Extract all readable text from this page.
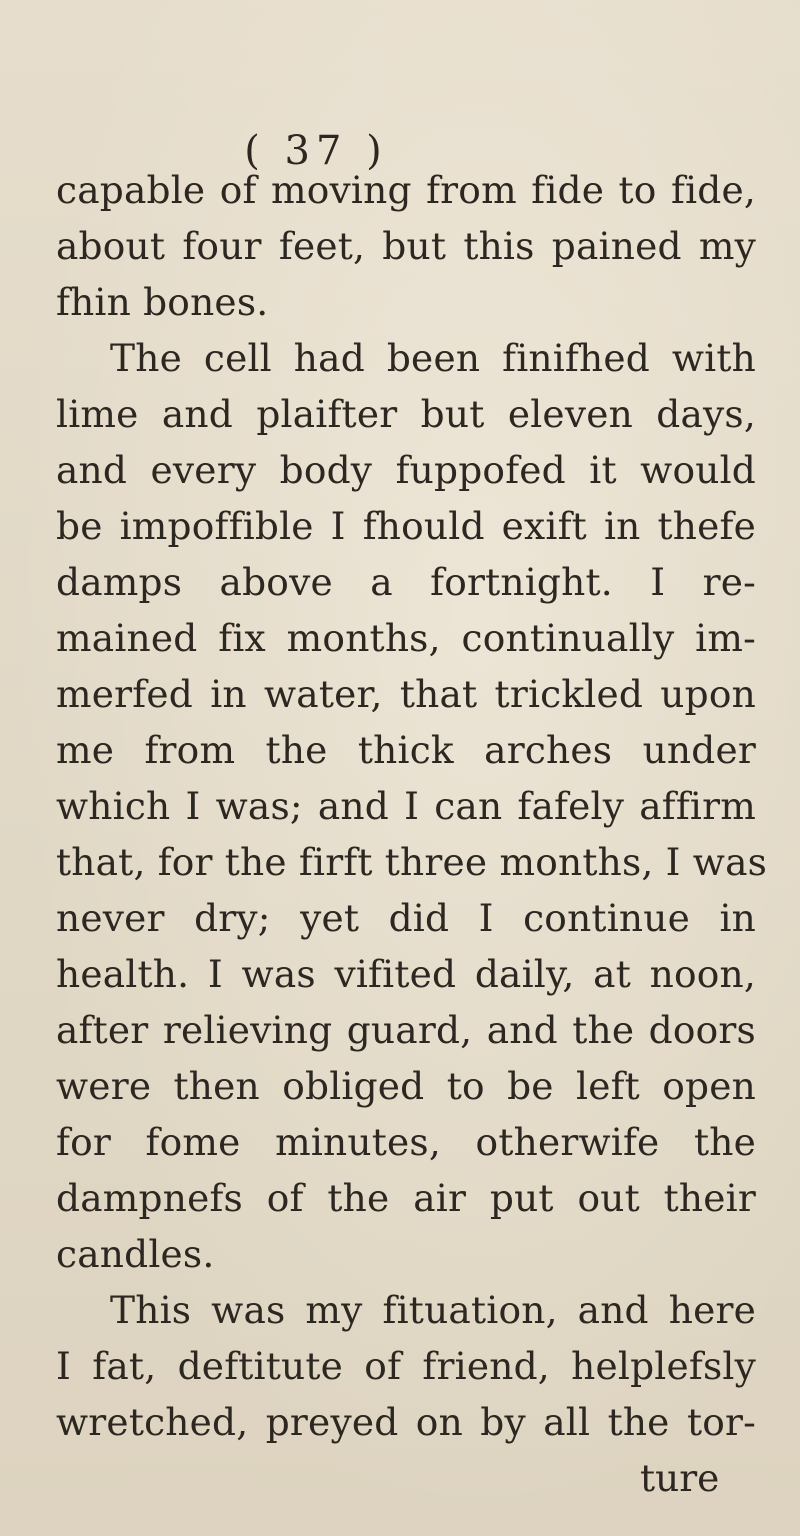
( 37 )
capable of moving from fide to fide,
about four feet, but this pained my
fhin bones.
The cell had been finifhed with
lime and plaifter but eleven days,
and every body fuppofed it would
be impoffible I fhould exift in thefe
damps above a fortnight. I re-
mained fix months, continually im-
merfed in water, that trickled upon
me from the thick arches under
which I was; and I can fafely affirm
that, for the firft three months, I was
never dry; yet did I continue in
health. I was vifited daily, at noon,
after relieving guard, and the doors
were then obliged to be left open
for fome minutes, otherwife the
dampnefs of the air put out their
candles.
This was my fituation, and here
I fat, deftitute of friend, helplefsly
wretched, preyed on by all the tor-
ture
